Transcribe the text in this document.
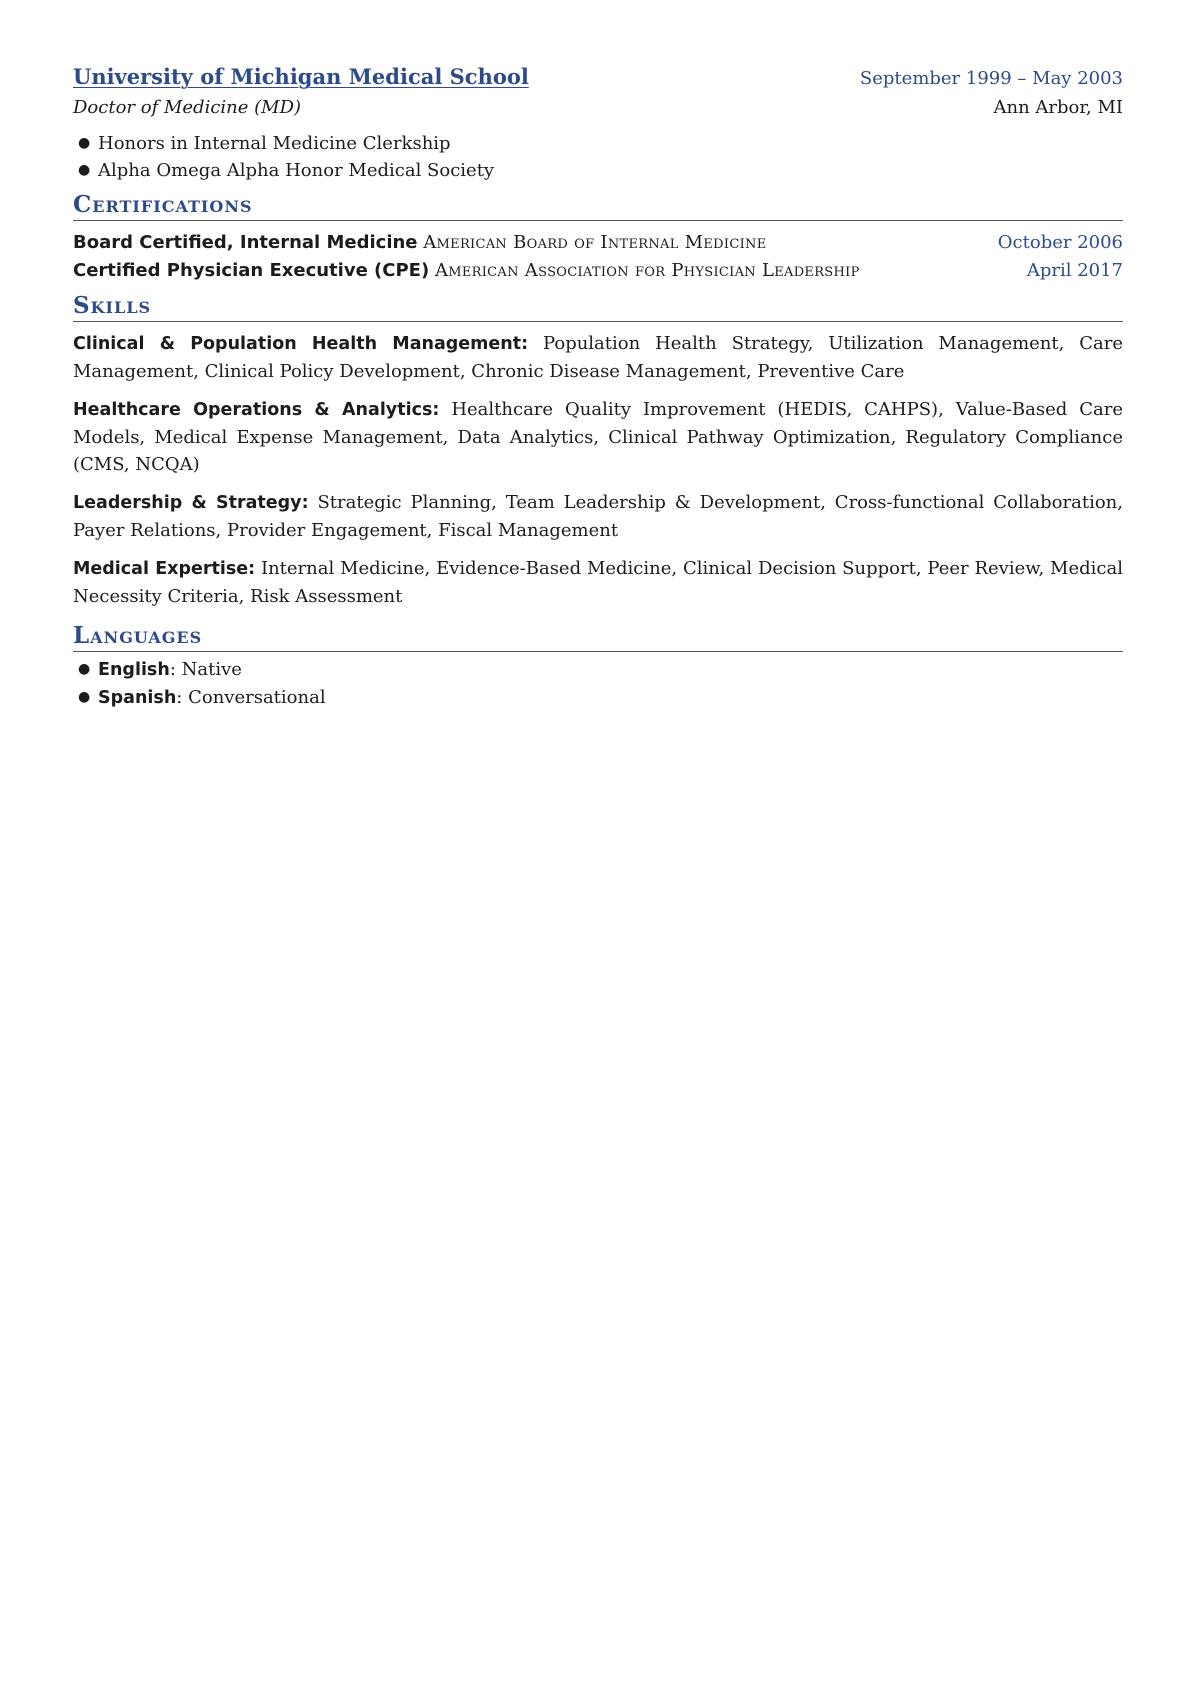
University of Michigan Medical School	September 1999 – May 2003
Doctor of Medicine (MD)	Ann Arbor, MI
● Honors in Internal Medicine Clerkship
● Alpha Omega Alpha Honor Medical Society
Certifications
Board Certified, Internal Medicine American Board of Internal Medicine	October 2006
Certified Physician Executive (CPE) American Association for Physician Leadership	April 2017
Skills
Clinical & Population Health Management: Population Health Strategy, Utilization Management, Care Management, Clinical Policy Development, Chronic Disease Management, Preventive Care
Healthcare Operations & Analytics: Healthcare Quality Improvement (HEDIS, CAHPS), Value-Based Care Models, Medical Expense Management, Data Analytics, Clinical Pathway Optimization, Regulatory Compliance (CMS, NCQA)
Leadership & Strategy: Strategic Planning, Team Leadership & Development, Cross-functional Collaboration, Payer Relations, Provider Engagement, Fiscal Management
Medical Expertise: Internal Medicine, Evidence-Based Medicine, Clinical Decision Support, Peer Review, Medical Necessity Criteria, Risk Assessment
Languages
● English: Native
● Spanish: Conversational
